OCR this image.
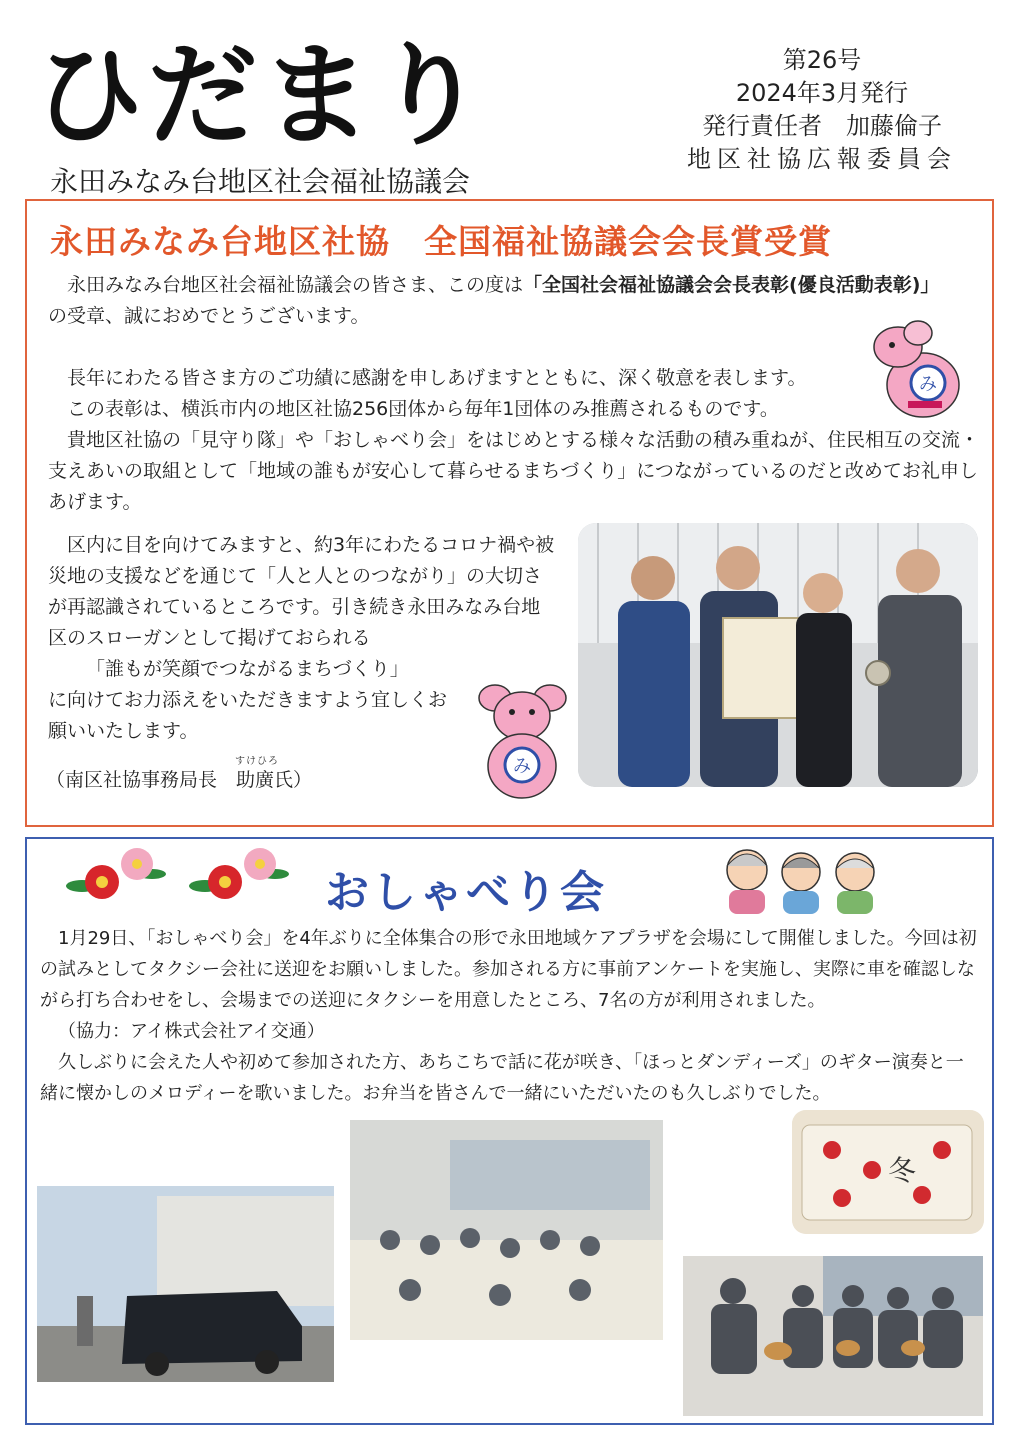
ひだまり
永田みなみ台地区社会福祉協議会
第26号
2024年3月発行
発行責任者　加藤倫子
地区社協広報委員会
永田みなみ台地区社協　全国福祉協議会会長賞受賞
永田みなみ台地区社会福祉協議会の皆さま、この度は「全国社会福祉協議会会長表彰(優良活動表彰)」
の受章、誠におめでとうございます。
長年にわたる皆さま方のご功績に感謝を申しあげますとともに、深く敬意を表します。
この表彰は、横浜市内の地区社協256団体から毎年1団体のみ推薦されるものです。
貴地区社協の「見守り隊」や「おしゃべり会」をはじめとする様々な活動の積み重ねが、住民相互の交流・支えあいの取組として「地域の誰もが安心して暮らせるまちづくり」につながっているのだと改めてお礼申しあげます。
区内に目を向けてみますと、約3年にわたるコロナ禍や被災地の支援などを通じて「人と人とのつながり」の大切さが再認識されているところです。引き続き永田みなみ台地区のスローガンとして掲げておられる
「誰もが笑顔でつながるまちづくり」
に向けてお力添えをいただきますよう宜しくお願いいたします。
すけひろ
（南区社協事務局長　助廣氏）
み
み
おしゃべり会
1月29日、「おしゃべり会」を4年ぶりに全体集合の形で永田地域ケアプラザを会場にして開催しました。今回は初の試みとしてタクシー会社に送迎をお願いしました。参加される方に事前アンケートを実施し、実際に車を確認しながら打ち合わせをし、会場までの送迎にタクシーを用意したところ、7名の方が利用されました。
（協力：アイ株式会社アイ交通）
久しぶりに会えた人や初めて参加された方、あちこちで話に花が咲き、「ほっとダンディーズ」のギター演奏と一緒に懐かしのメロディーを歌いました。お弁当を皆さんで一緒にいただいたのも久しぶりでした。
冬
